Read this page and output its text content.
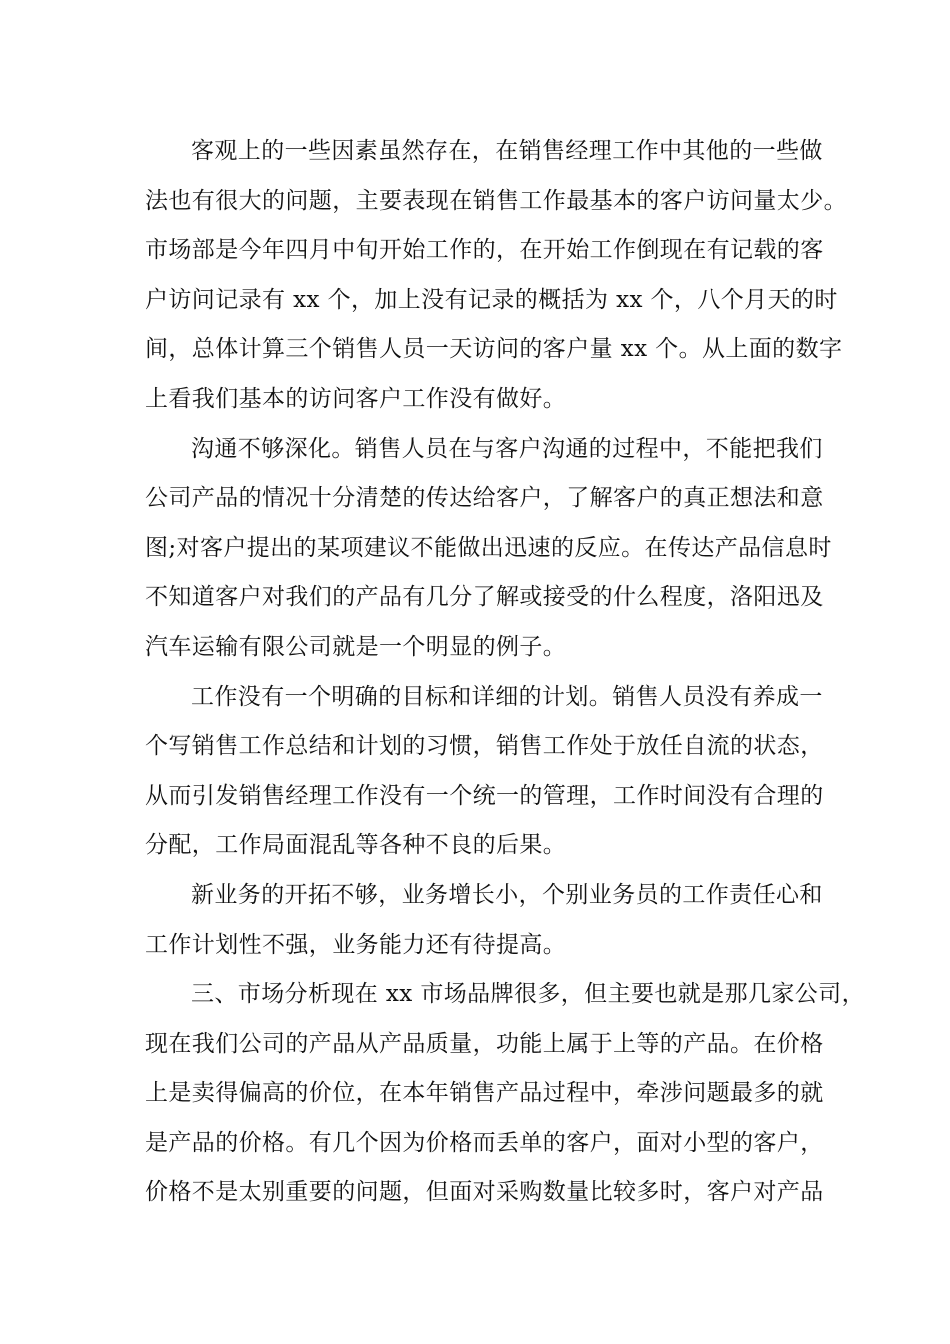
客观上的一些因素虽然存在，在销售经理工作中其他的一些做
法也有很大的问题，主要表现在销售工作最基本的客户访问量太少。
市场部是今年四月中旬开始工作的，在开始工作倒现在有记载的客
户访问记录有 xx 个，加上没有记录的概括为 xx 个，八个月天的时
间，总体计算三个销售人员一天访问的客户量 xx 个。从上面的数字
上看我们基本的访问客户工作没有做好。
沟通不够深化。销售人员在与客户沟通的过程中，不能把我们
公司产品的情况十分清楚的传达给客户，了解客户的真正想法和意
图;对客户提出的某项建议不能做出迅速的反应。在传达产品信息时
不知道客户对我们的产品有几分了解或接受的什么程度，洛阳迅及
汽车运输有限公司就是一个明显的例子。
工作没有一个明确的目标和详细的计划。销售人员没有养成一
个写销售工作总结和计划的习惯，销售工作处于放任自流的状态，
从而引发销售经理工作没有一个统一的管理，工作时间没有合理的
分配，工作局面混乱等各种不良的后果。
新业务的开拓不够，业务增长小，个别业务员的工作责任心和
工作计划性不强，业务能力还有待提高。
三、市场分析现在 xx 市场品牌很多，但主要也就是那几家公司，
现在我们公司的产品从产品质量，功能上属于上等的产品。在价格
上是卖得偏高的价位，在本年销售产品过程中，牵涉问题最多的就
是产品的价格。有几个因为价格而丢单的客户，面对小型的客户，
价格不是太别重要的问题，但面对采购数量比较多时，客户对产品
